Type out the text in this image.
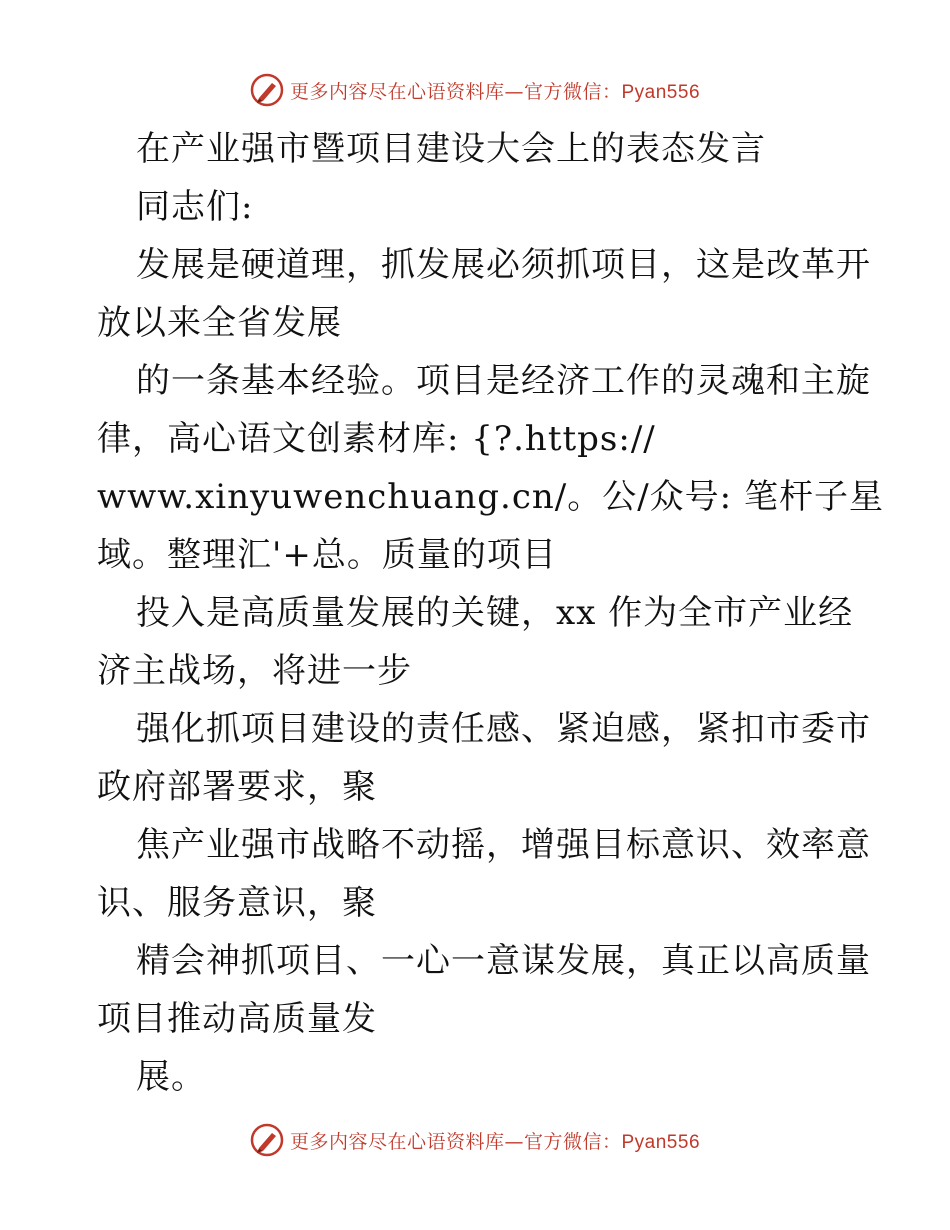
更多内容尽在心语资料库—官方微信：Pyan556
在产业强市暨项目建设大会上的表态发言
同志们:
发展是硬道理，抓发展必须抓项目，这是改革开
放以来全省发展
的一条基本经验。项目是经济工作的灵魂和主旋
律，高心语文创素材库: {?.https://
www.xinyuwenchuang.cn/。公/众号: 笔杆子星
域。整理汇'+总。质量的项目
投入是高质量发展的关键，xx 作为全市产业经
济主战场，将进一步
强化抓项目建设的责任感、紧迫感，紧扣市委市
政府部署要求，聚
焦产业强市战略不动摇，增强目标意识、效率意
识、服务意识，聚
精会神抓项目、一心一意谋发展，真正以高质量
项目推动高质量发
展。
更多内容尽在心语资料库—官方微信：Pyan556
